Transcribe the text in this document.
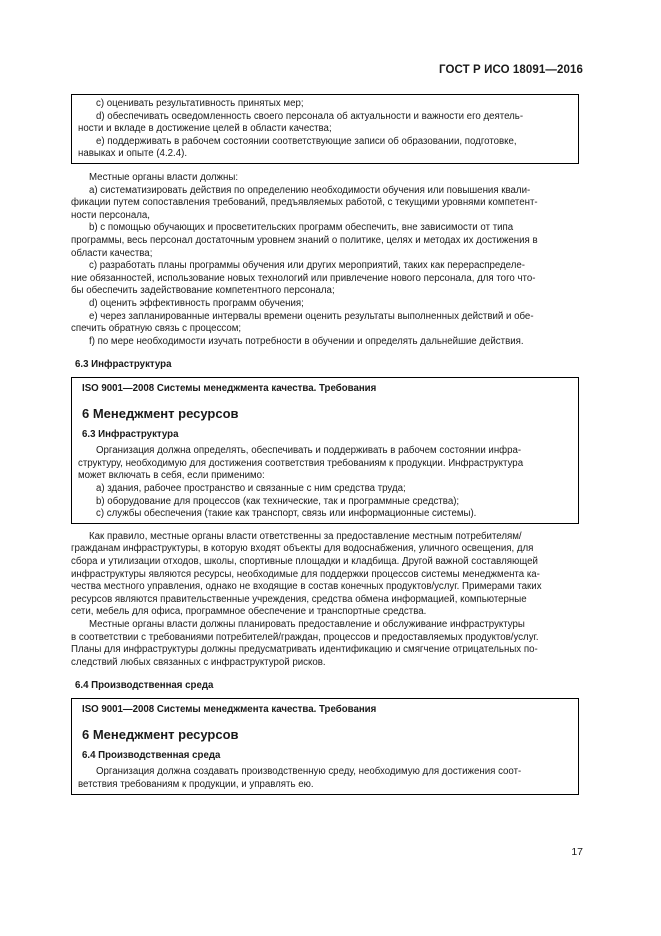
ГОСТ Р ИСО 18091—2016

с) оценивать результативность принятых мер;

d) обеспечивать осведомленность своего персонала об актуальности и важности его деятель-

ности и вкладе в достижение целей в области качества;

е) поддерживать в рабочем состоянии соответствующие записи об образовании, подготовке,

навыках и опыте (4.2.4).

Местные органы власти должны:

а) систематизировать действия по определению необходимости обучения или повышения квали-

фикации путем сопоставления требований, предъявляемых работой, с текущими уровнями компетент-

ности персонала,

b) с помощью обучающих и просветительских программ обеспечить, вне зависимости от типа

программы, весь персонал достаточным уровнем знаний о политике, целях и методах их достижения в

области качества;

с) разработать планы программы обучения или других мероприятий, таких как перераспределе-

ние обязанностей, использование новых технологий или привлечение нового персонала, для того что-

бы обеспечить задействование компетентного персонала;

d) оценить эффективность программ обучения;

е) через запланированные интервалы времени оценить результаты выполненных действий и обе-

спечить обратную связь с процессом;

f) по мере необходимости изучать потребности в обучении и определять дальнейшие действия.

6.3 Инфраструктура
ISO 9001—2008 Системы менеджмента качества. Требования
6 Менеджмент ресурсов
6.3 Инфраструктура

Организация должна определять, обеспечивать и поддерживать в рабочем состоянии инфра-

структуру, необходимую для достижения соответствия требованиям к продукции. Инфраструктура

может включать в себя, если применимо:

а) здания, рабочее пространство и связанные с ним средства труда;

b) оборудование для процессов (как технические, так и программные средства);

с) службы обеспечения (такие как транспорт, связь или информационные системы).

Как правило, местные органы власти ответственны за предоставление местным потребителям/

гражданам инфраструктуры, в которую входят объекты для водоснабжения, уличного освещения, для

сбора и утилизации отходов, школы, спортивные площадки и кладбища. Другой важной составляющей

инфраструктуры являются ресурсы, необходимые для поддержки процессов системы менеджмента ка-

чества местного управления, однако не входящие в состав конечных продуктов/услуг. Примерами таких

ресурсов являются правительственные учреждения, средства обмена информацией, компьютерные

сети, мебель для офиса, программное обеспечение и транспортные средства.

Местные органы власти должны планировать предоставление и обслуживание инфраструктуры

в соответствии с требованиями потребителей/граждан, процессов и предоставляемых продуктов/услуг.

Планы для инфраструктуры должны предусматривать идентификацию и смягчение отрицательных по-

следствий любых связанных с инфраструктурой рисков.

6.4 Производственная среда
ISO 9001—2008 Системы менеджмента качества. Требования
6 Менеджмент ресурсов
6.4 Производственная среда

Организация должна создавать производственную среду, необходимую для достижения соот-

ветствия требованиям к продукции, и управлять ею.

17
